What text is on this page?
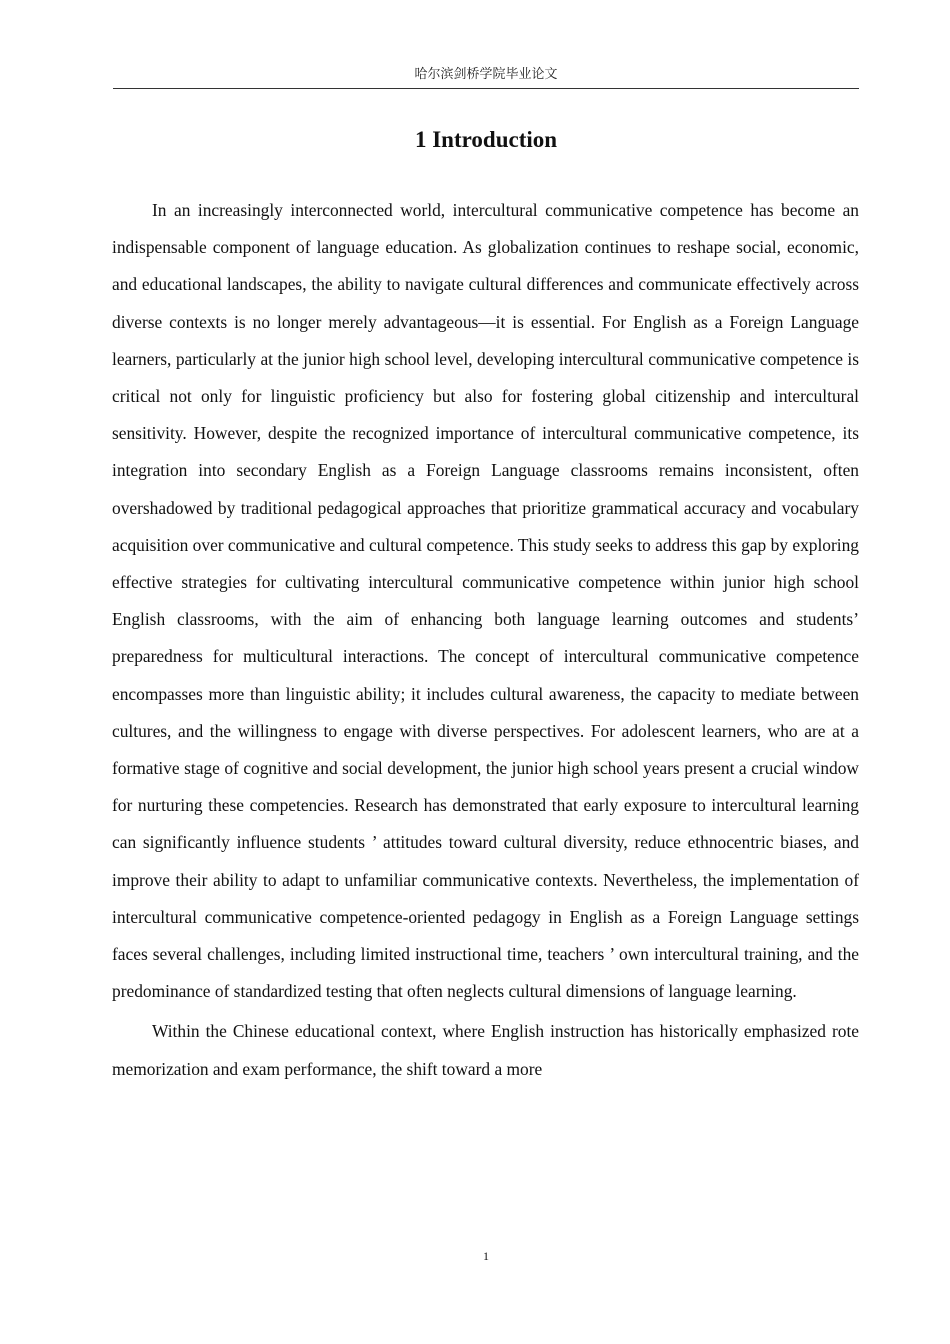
哈尔滨剑桥学院毕业论文
1 Introduction

In an increasingly interconnected world, intercultural communicative competence has become an indispensable component of language education. As globalization continues to reshape social, economic, and educational landscapes, the ability to navigate cultural differences and communicate effectively across diverse contexts is no longer merely advantageous—it is essential. For English as a Foreign Language learners, particularly at the junior high school level, developing intercultural communicative competence is critical not only for linguistic proficiency but also for fostering global citizenship and intercultural sensitivity. However, despite the recognized importance of intercultural communicative competence, its integration into secondary English as a Foreign Language classrooms remains inconsistent, often overshadowed by traditional pedagogical approaches that prioritize grammatical accuracy and vocabulary acquisition over communicative and cultural competence. This study seeks to address this gap by exploring effective strategies for cultivating intercultural communicative competence within junior high school English classrooms, with the aim of enhancing both language learning outcomes and students’ preparedness for multicultural interactions. The concept of intercultural communicative competence encompasses more than linguistic ability; it includes cultural awareness, the capacity to mediate between cultures, and the willingness to engage with diverse perspectives. For adolescent learners, who are at a formative stage of cognitive and social development, the junior high school years present a crucial window for nurturing these competencies. Research has demonstrated that early exposure to intercultural learning can significantly influence students ’ attitudes toward cultural diversity, reduce ethnocentric biases, and improve their ability to adapt to unfamiliar communicative contexts. Nevertheless, the implementation of intercultural communicative competence-oriented pedagogy in English as a Foreign Language settings faces several challenges, including limited instructional time, teachers ’ own intercultural training, and the predominance of standardized testing that often neglects cultural dimensions of language learning.

Within the Chinese educational context, where English instruction has historically emphasized rote memorization and exam performance, the shift toward a more

1
